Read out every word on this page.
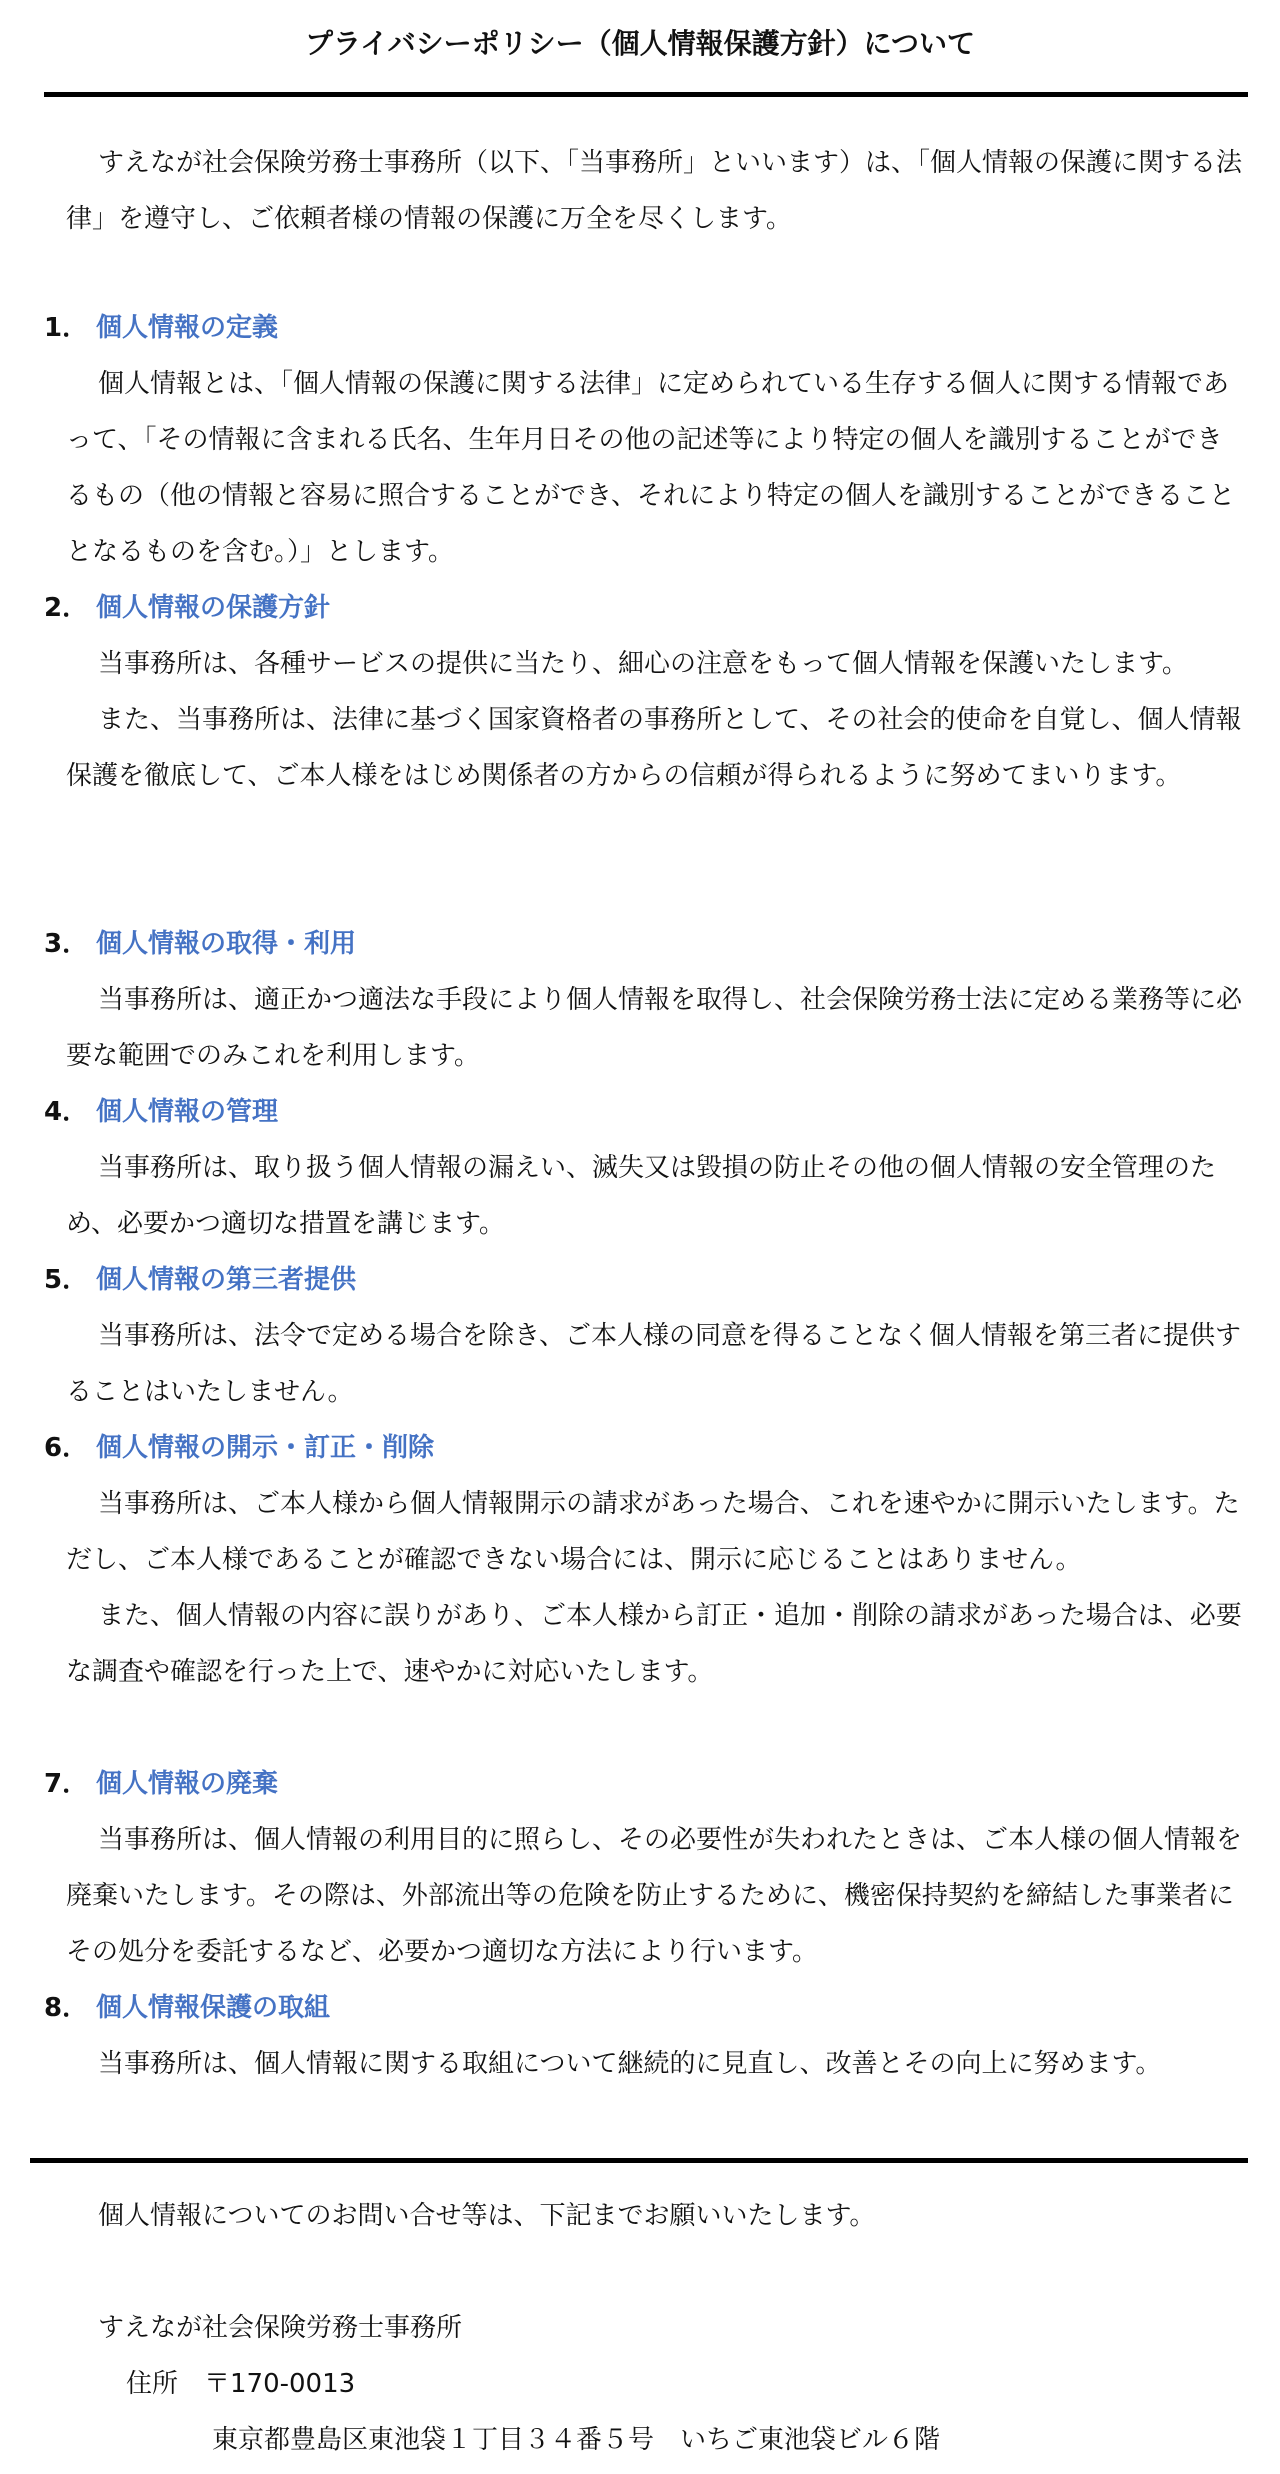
プライバシーポリシー（個人情報保護方針）について

すえなが社会保険労務士事務所（以下、「当事務所」といいます）は、「個人情報の保護に関する法律」を遵守し、ご依頼者様の情報の保護に万全を尽くします。

1． 個人情報の定義

個人情報とは、「個人情報の保護に関する法律」に定められている生存する個人に関する情報であって、「その情報に含まれる氏名、生年月日その他の記述等により特定の個人を識別することができるもの（他の情報と容易に照合することができ、それにより特定の個人を識別することができることとなるものを含む。）」とします。

2． 個人情報の保護方針

当事務所は、各種サービスの提供に当たり、細心の注意をもって個人情報を保護いたします。

また、当事務所は、法律に基づく国家資格者の事務所として、その社会的使命を自覚し、個人情報保護を徹底して、ご本人様をはじめ関係者の方からの信頼が得られるように努めてまいります。

3． 個人情報の取得・利用

当事務所は、適正かつ適法な手段により個人情報を取得し、社会保険労務士法に定める業務等に必要な範囲でのみこれを利用します。

4． 個人情報の管理

当事務所は、取り扱う個人情報の漏えい、滅失又は毀損の防止その他の個人情報の安全管理のため、必要かつ適切な措置を講じます。

5． 個人情報の第三者提供

当事務所は、法令で定める場合を除き、ご本人様の同意を得ることなく個人情報を第三者に提供することはいたしません。

6． 個人情報の開示・訂正・削除

当事務所は、ご本人様から個人情報開示の請求があった場合、これを速やかに開示いたします。ただし、ご本人様であることが確認できない場合には、開示に応じることはありません。

また、個人情報の内容に誤りがあり、ご本人様から訂正・追加・削除の請求があった場合は、必要な調査や確認を行った上で、速やかに対応いたします。

7． 個人情報の廃棄

当事務所は、個人情報の利用目的に照らし、その必要性が失われたときは、ご本人様の個人情報を廃棄いたします。その際は、外部流出等の危険を防止するために、機密保持契約を締結した事業者にその処分を委託するなど、必要かつ適切な方法により行います。

8． 個人情報保護の取組

当事務所は、個人情報に関する取組について継続的に見直し、改善とその向上に努めます。

個人情報についてのお問い合せ等は、下記までお願いいたします。
すえなが社会保険労務士事務所
住所　〒170-0013
東京都豊島区東池袋１丁目３４番５号　いちご東池袋ビル６階
